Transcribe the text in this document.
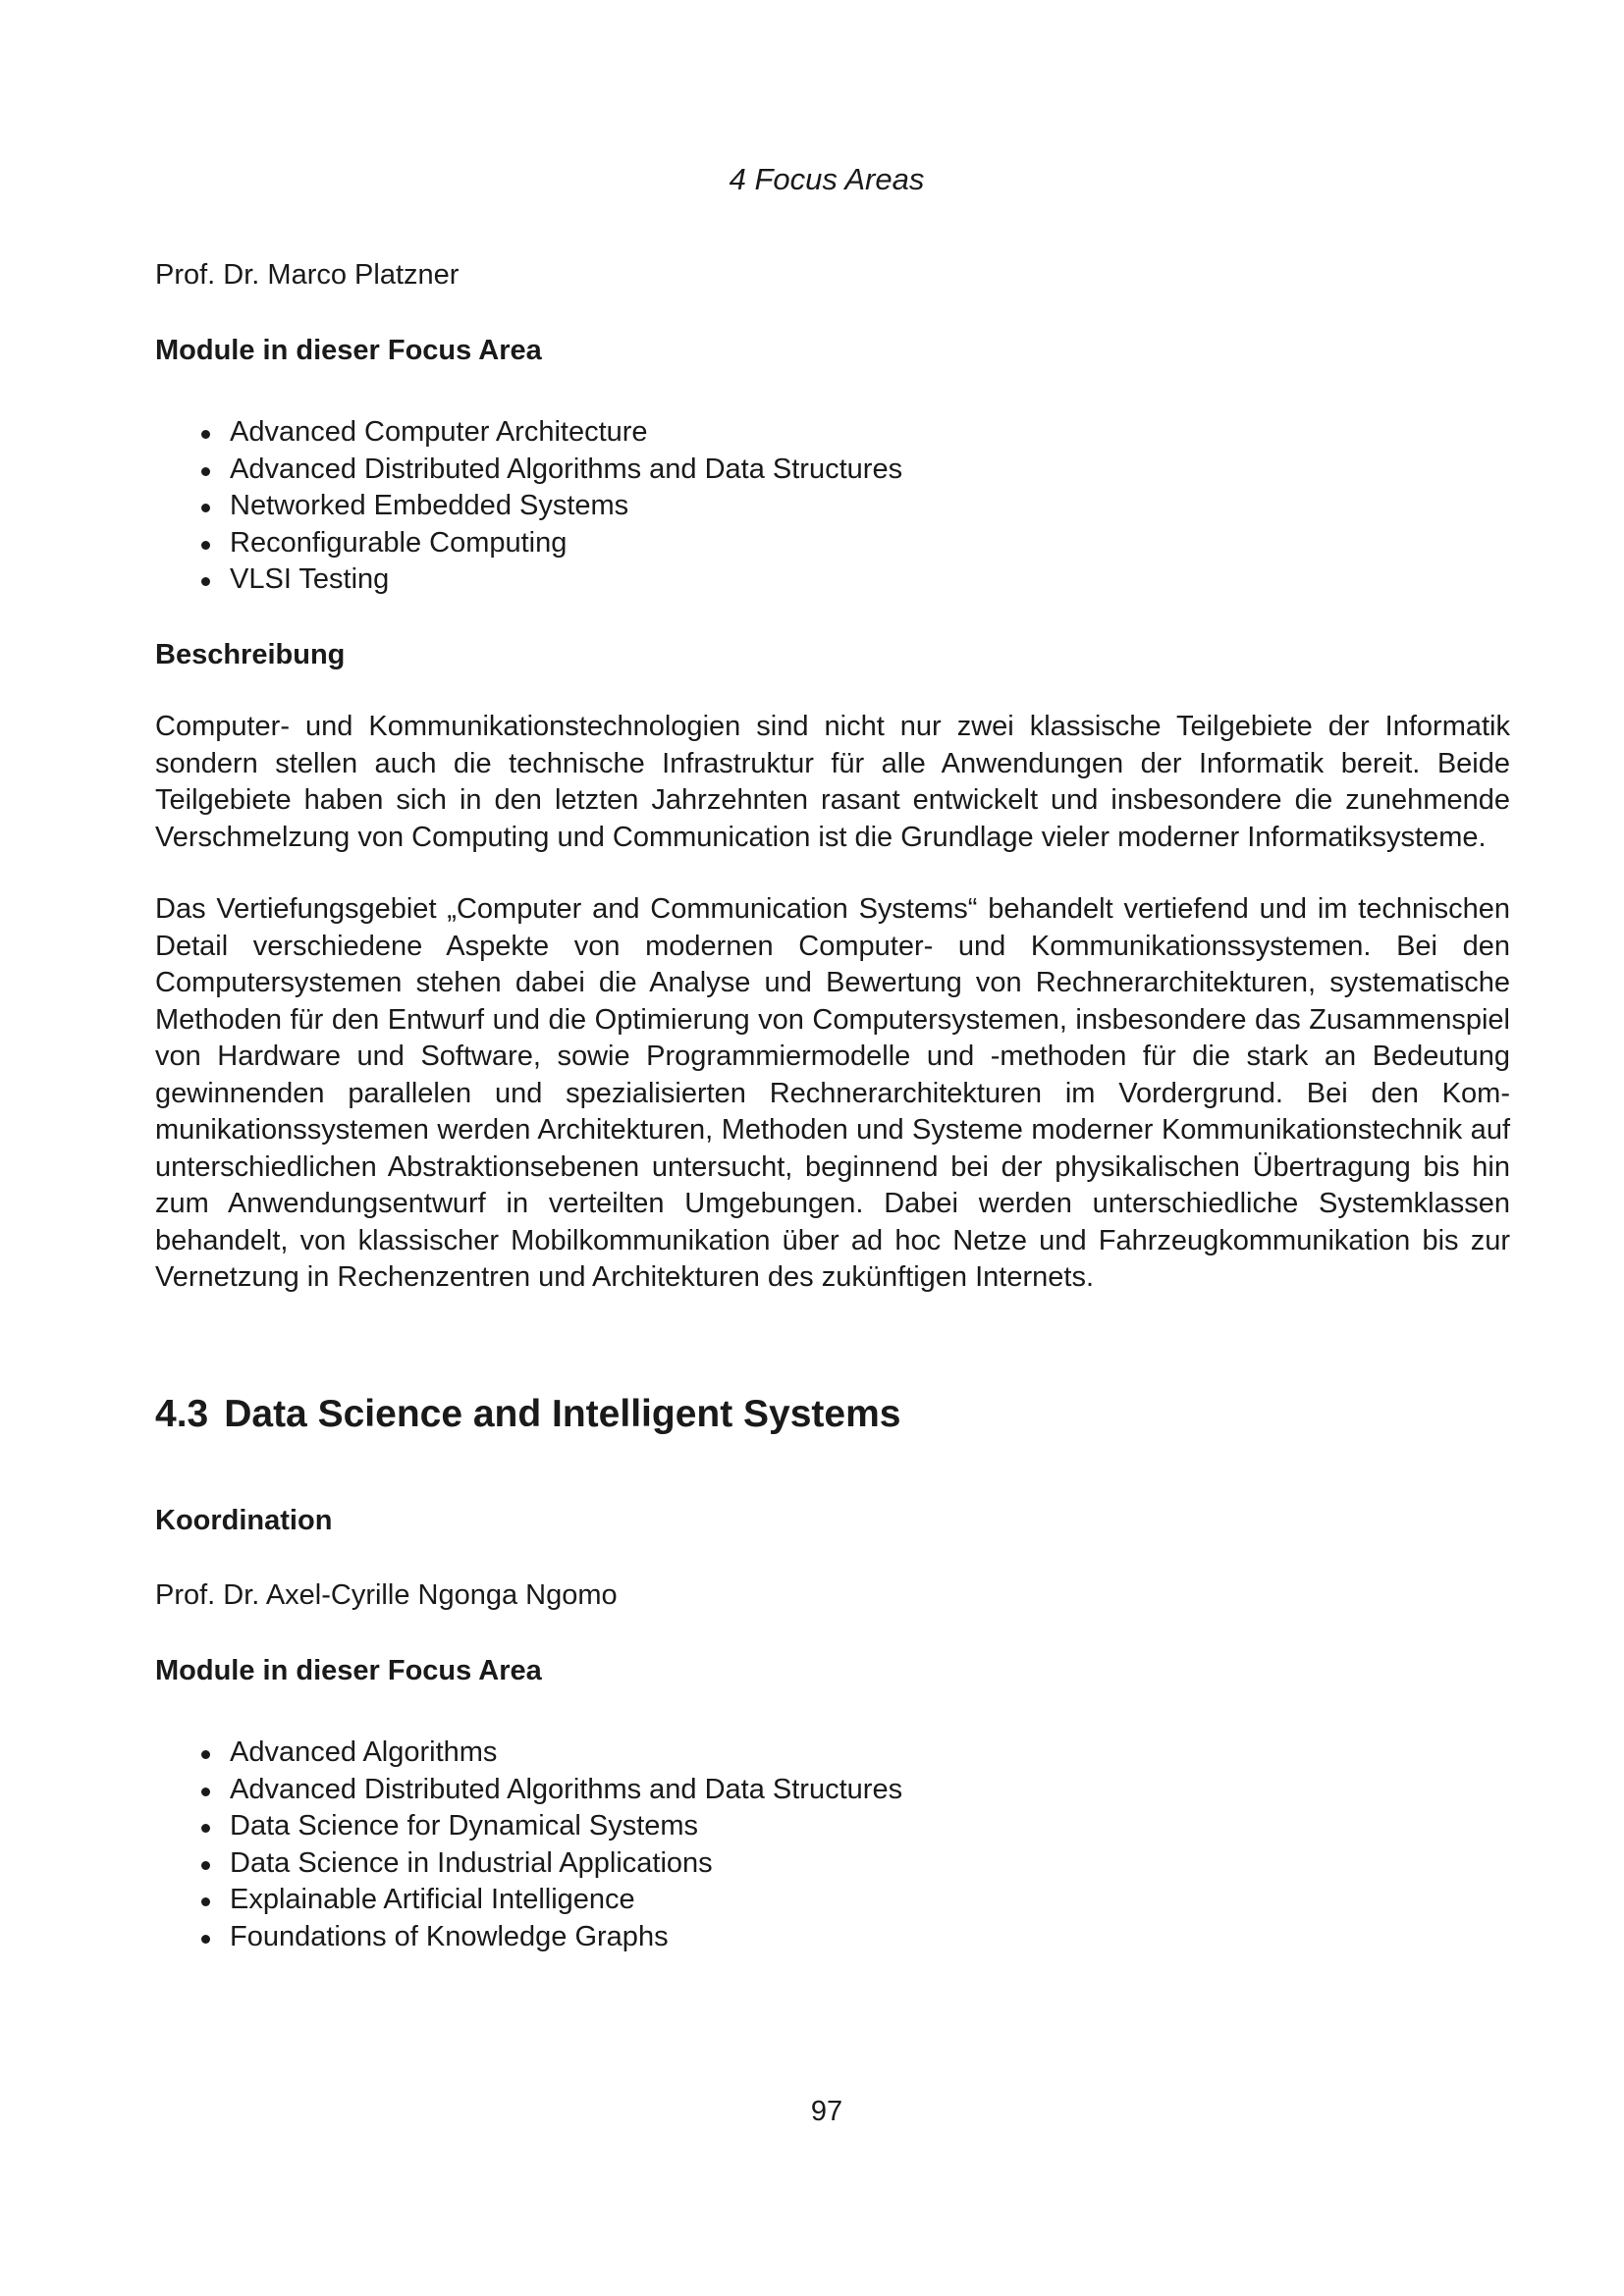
4 Focus Areas

Prof. Dr. Marco Platzner

Module in dieser Focus Area

Advanced Computer Architecture
Advanced Distributed Algorithms and Data Structures
Networked Embedded Systems
Reconfigurable Computing
VLSI Testing

Beschreibung

Computer- und Kommunikationstechnologien sind nicht nur zwei klassische Teilgebiete der Informatik sondern stellen auch die technische Infrastruktur für alle Anwendungen der Informatik bereit. Beide Teilgebiete haben sich in den letzten Jahrzehnten rasant entwickelt und insbesondere die zunehmende Verschmelzung von Computing und Communication ist die Grundlage vieler moderner Informatiksysteme.

Das Vertiefungsgebiet „Computer and Communication Systems“ behandelt vertiefend und im technischen Detail verschiedene Aspekte von modernen Computer- und Kommunikationssystemen. Bei den Computersystemen stehen dabei die Analyse und Bewertung von Rechnerarchitekturen, systematische Methoden für den Entwurf und die Optimierung von Computersystemen, insbesondere das Zusammenspiel von Hardware und Software, sowie Programmiermodelle und -methoden für die stark an Bedeutung gewinnenden parallelen und spezialisierten Rechnerarchitekturen im Vordergrund. Bei den Kommunikationssystemen werden Architekturen, Methoden und Systeme moderner Kommunikationstechnik auf unterschiedlichen Abstraktionsebenen untersucht, beginnend bei der physikalischen Übertragung bis hin zum Anwendungsentwurf in verteilten Umgebungen. Dabei werden unterschiedliche Systemklassen behandelt, von klassischer Mobilkommunikation über ad hoc Netze und Fahrzeugkommunikation bis zur Vernetzung in Rechenzentren und Architekturen des zukünftigen Internets.

4.3 Data Science and Intelligent Systems

Koordination

Prof. Dr. Axel-Cyrille Ngonga Ngomo

Module in dieser Focus Area

Advanced Algorithms
Advanced Distributed Algorithms and Data Structures
Data Science for Dynamical Systems
Data Science in Industrial Applications
Explainable Artificial Intelligence
Foundations of Knowledge Graphs
97
